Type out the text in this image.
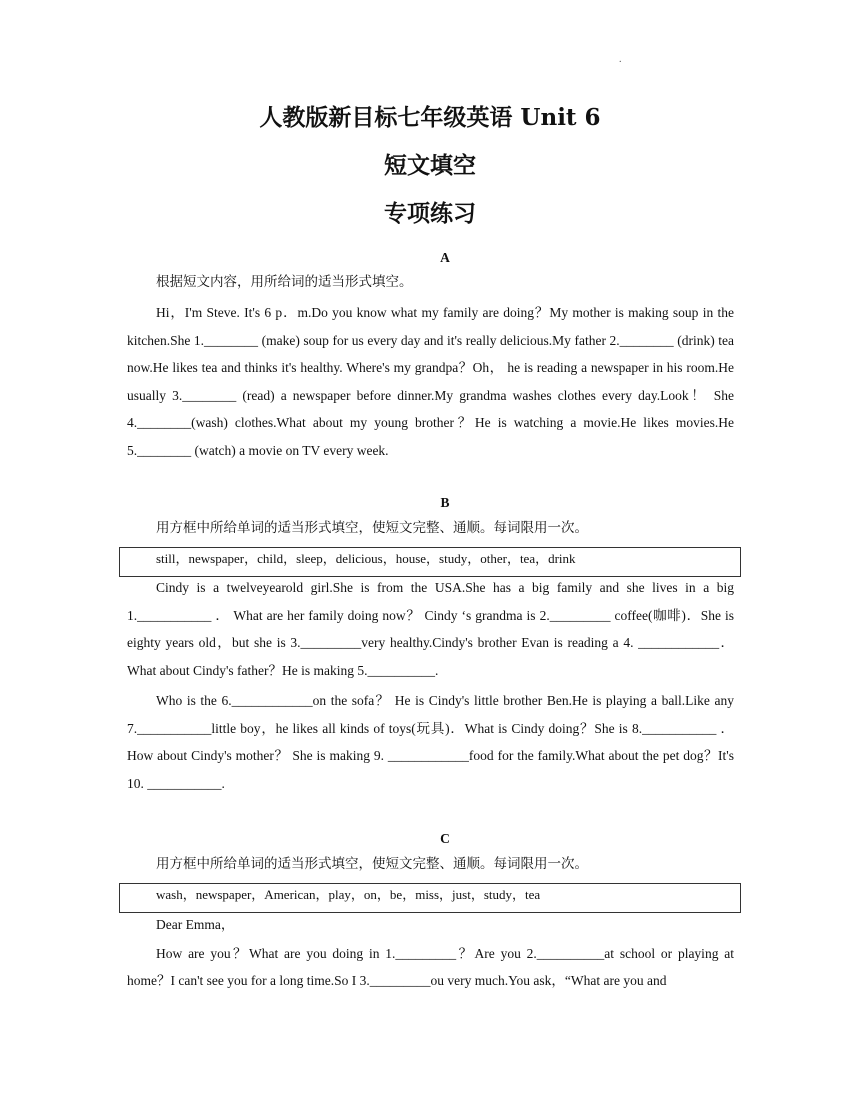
.
人教版新目标七年级英语 Unit 6
短文填空
专项练习
A
根据短文内容，用所给词的适当形式填空。
Hi，I'm Steve. It's 6 p．m.Do you know what my family are doing？My mother is making soup in the kitchen.She 1.________ (make) soup for us every day and it's really delicious.My father 2.________ (drink) tea now.He likes tea and thinks it's healthy. Where's my grandpa？Oh， he is reading a newspaper in his room.He usually 3.________ (read) a newspaper before dinner.My grandma washes clothes every day.Look！ She 4.________(wash) clothes.What about my young brother？He is watching a movie.He likes movies.He 5.________ (watch) a movie on TV every week.
B
用方框中所给单词的适当形式填空，使短文完整、通顺。每词限用一次。
still，newspaper，child，sleep，delicious，house，study，other，tea，drink
Cindy is a twelveyearold girl.She is from the USA.She has a big family and she lives in a big 1.___________ ． What are her family doing now？ Cindy ‘s grandma is 2._________ coffee(咖啡)．She is eighty years old，but she is 3._________very healthy.Cindy's brother Evan is reading a 4. ____________．What about Cindy's father？He is making 5.__________.
Who is the 6.____________on the sofa？ He is Cindy's little brother Ben.He is playing a ball.Like any 7.___________little boy，he likes all kinds of toys(玩具)．What is Cindy doing？She is 8.___________ ． How about Cindy's mother？ She is making 9. ____________food for the family.What about the pet dog？It's 10. ___________.
C
用方框中所给单词的适当形式填空，使短文完整、通顺。每词限用一次。
wash，newspaper，American，play，on，be，miss，just，study，tea
Dear Emma，
How are you？What are you doing in 1._________？Are you 2.__________at school or playing at home？I can't see you for a long time.So I 3._________ou very much.You ask，“What are you and
